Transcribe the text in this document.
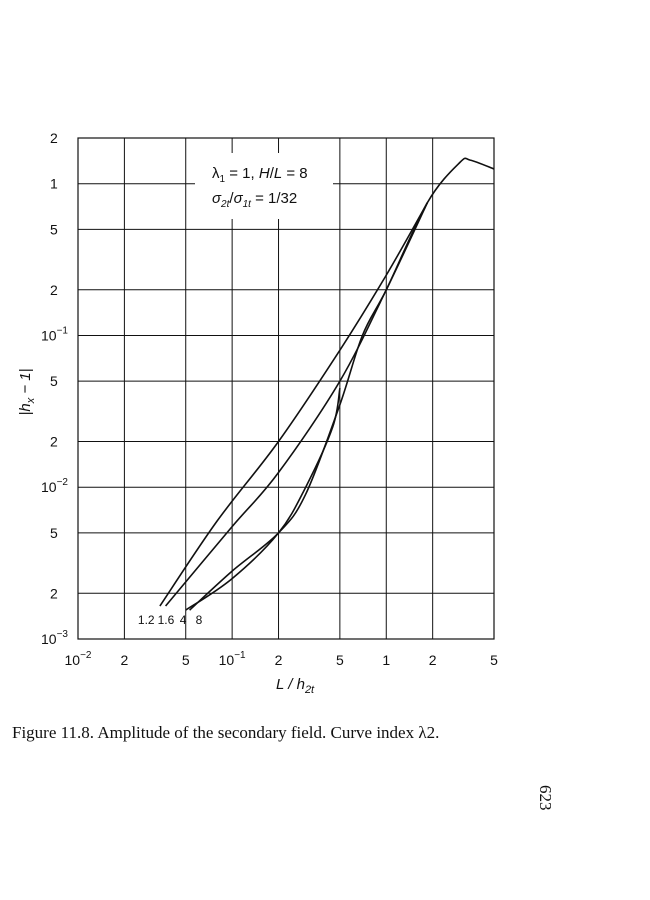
$\lambda_1 = 1$, H/L = 8
$\sigma_{2t}/\sigma_{1t} = 1/32$
$10^{-2}$ 2	5 $10^{-1}$ 2	5	1	2	5
2
1
5
2
$10^{-1}$
5
2
$10^{-2}$
5
2
$10^{-3}$
1.2 1.6 4 8
L / $h_{2t}$
$|h_x - 1|$
Figure 11.8. Amplitude of the secondary field. Curve index λ2.
623
